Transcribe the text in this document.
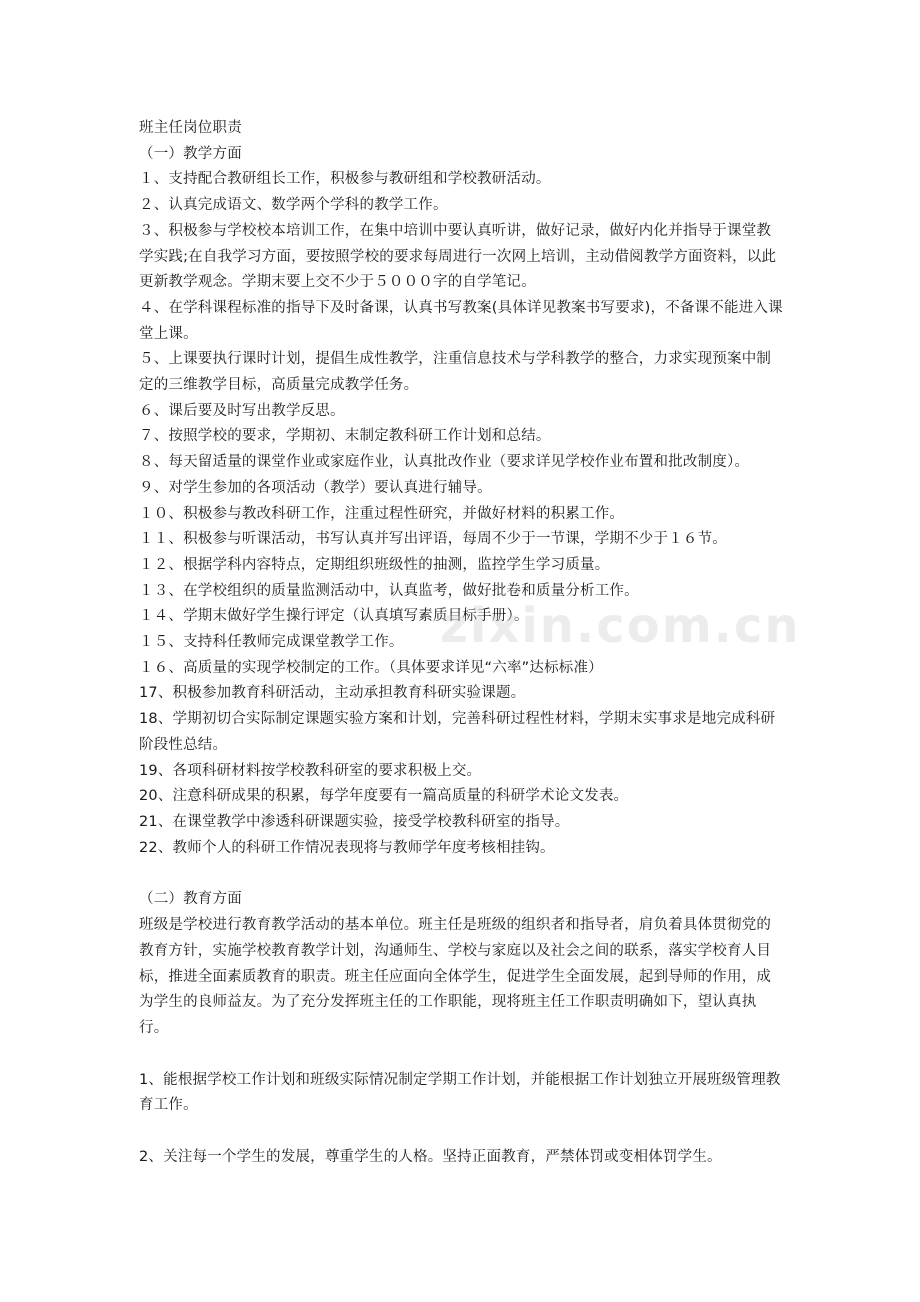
班主任岗位职责
（一）教学方面
１、支持配合教研组长工作，积极参与教研组和学校教研活动。
２、认真完成语文、数学两个学科的教学工作。
３、积极参与学校校本培训工作，在集中培训中要认真听讲，做好记录，做好内化并指导于课堂教学实践;在自我学习方面，要按照学校的要求每周进行一次网上培训，主动借阅教学方面资料，以此更新教学观念。学期末要上交不少于５０００字的自学笔记。
４、在学科课程标准的指导下及时备课，认真书写教案(具体详见教案书写要求)，不备课不能进入课堂上课。
５、上课要执行课时计划，提倡生成性教学，注重信息技术与学科教学的整合，力求实现预案中制定的三维教学目标，高质量完成教学任务。
６、课后要及时写出教学反思。
７、按照学校的要求，学期初、末制定教科研工作计划和总结。
８、每天留适量的课堂作业或家庭作业，认真批改作业（要求详见学校作业布置和批改制度）。
９、对学生参加的各项活动（教学）要认真进行辅导。
１０、积极参与教改科研工作，注重过程性研究，并做好材料的积累工作。
１１、积极参与听课活动，书写认真并写出评语，每周不少于一节课，学期不少于１６节。
１２、根据学科内容特点，定期组织班级性的抽测，监控学生学习质量。
１３、在学校组织的质量监测活动中，认真监考，做好批卷和质量分析工作。
１４、学期末做好学生操行评定（认真填写素质目标手册）。
１５、支持科任教师完成课堂教学工作。
１６、高质量的实现学校制定的工作。（具体要求详见“六率”达标标准）
17、积极参加教育科研活动，主动承担教育科研实验课题。
18、学期初切合实际制定课题实验方案和计划，完善科研过程性材料，学期末实事求是地完成科研阶段性总结。
19、各项科研材料按学校教科研室的要求积极上交。
20、注意科研成果的积累，每学年度要有一篇高质量的科研学术论文发表。
21、在课堂教学中渗透科研课题实验，接受学校教科研室的指导。
22、教师个人的科研工作情况表现将与教师学年度考核相挂钩。
（二）教育方面
班级是学校进行教育教学活动的基本单位。班主任是班级的组织者和指导者，肩负着具体贯彻党的教育方针，实施学校教育教学计划，沟通师生、学校与家庭以及社会之间的联系，落实学校育人目标，推进全面素质教育的职责。班主任应面向全体学生，促进学生全面发展，起到导师的作用，成为学生的良师益友。为了充分发挥班主任的工作职能，现将班主任工作职责明确如下，望认真执行。
1、能根据学校工作计划和班级实际情况制定学期工作计划，并能根据工作计划独立开展班级管理教育工作。
2、关注每一个学生的发展，尊重学生的人格。坚持正面教育，严禁体罚或变相体罚学生。
zixin.com.cn
